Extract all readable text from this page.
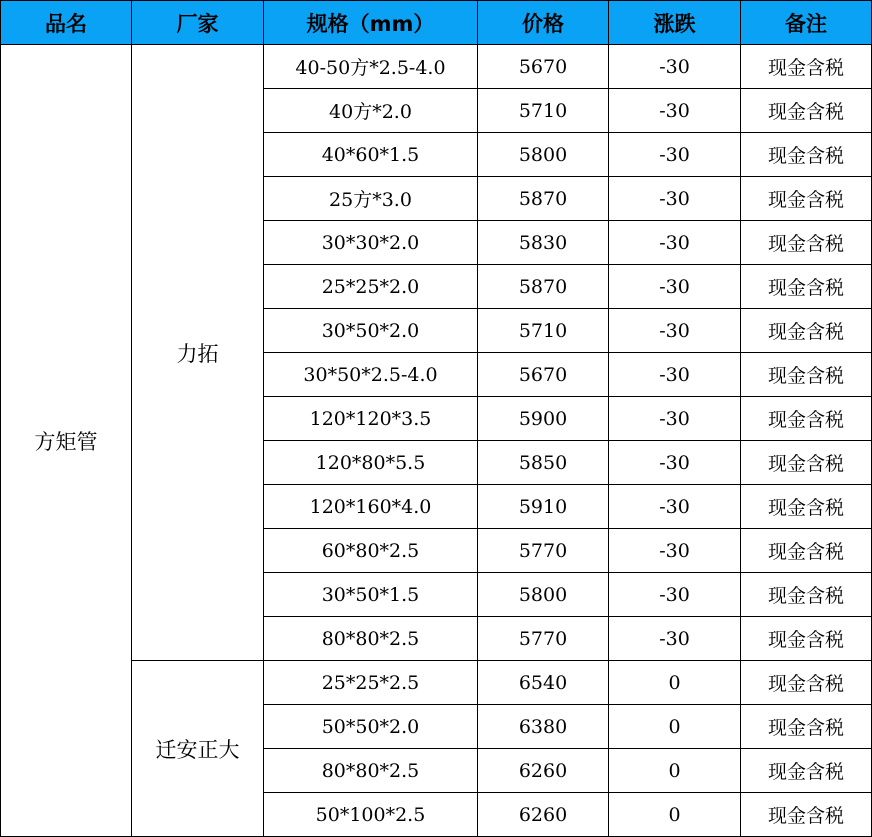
品名	厂家	规格（mm）	价格	涨跌	备注
方矩管	力拓	40-50方*2.5-4.0	5670	-30	现金含税
		40方*2.0	5710	-30	现金含税
		40*60*1.5	5800	-30	现金含税
		25方*3.0	5870	-30	现金含税
		30*30*2.0	5830	-30	现金含税
		25*25*2.0	5870	-30	现金含税
		30*50*2.0	5710	-30	现金含税
		30*50*2.5-4.0	5670	-30	现金含税
		120*120*3.5	5900	-30	现金含税
		120*80*5.5	5850	-30	现金含税
		120*160*4.0	5910	-30	现金含税
		60*80*2.5	5770	-30	现金含税
		30*50*1.5	5800	-30	现金含税
		80*80*2.5	5770	-30	现金含税
	迁安正大	25*25*2.5	6540	0	现金含税
		50*50*2.0	6380	0	现金含税
		80*80*2.5	6260	0	现金含税
		50*100*2.5	6260	0	现金含税
